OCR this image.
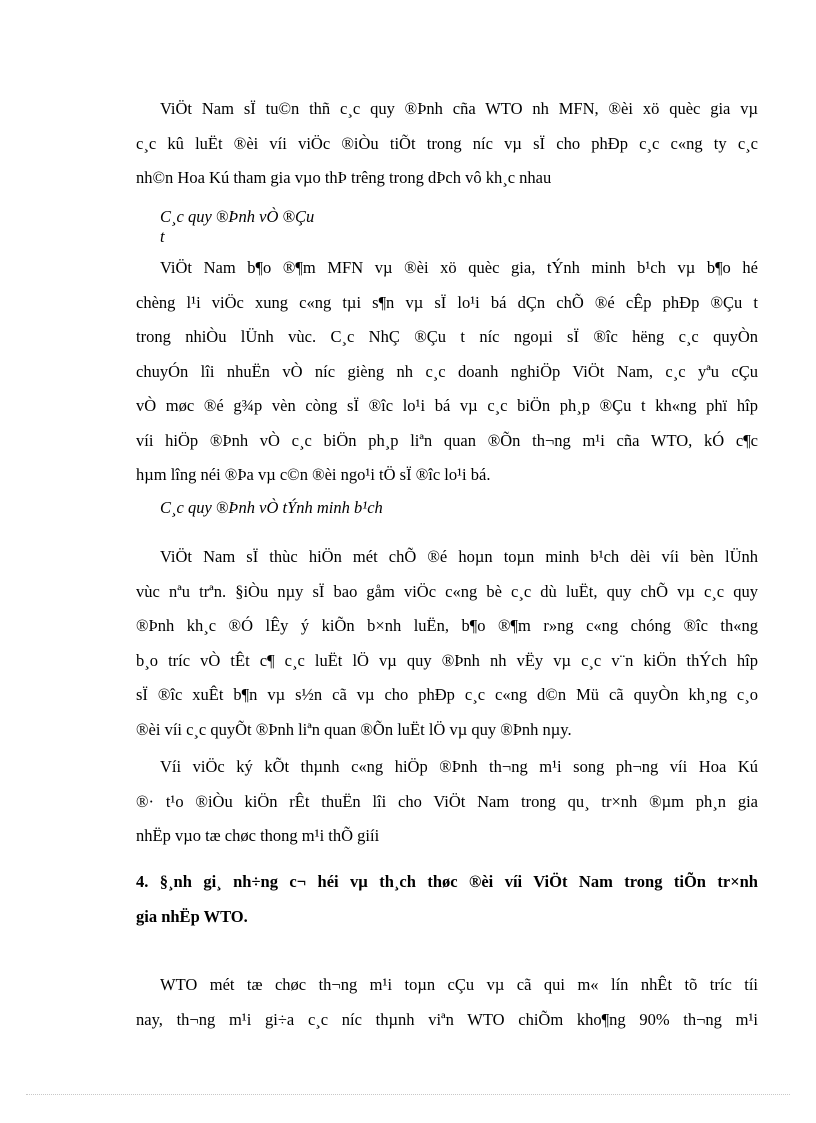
ViÖt Nam sÏ tu©n thñ c¸c quy ®Þnh cña WTO nh MFN, ®èi xö quèc gia vµ
c¸c kû luËt ®èi víi viÖc ®iÒu tiÕt trong níc vµ sÏ cho phÐp c¸c c«ng ty c¸c
nh©n Hoa Kú tham gia vµo thÞ trêng trong dÞch vô kh¸c nhau

C¸c quy ®Þnh vÒ ®Çu t

ViÖt Nam b¶o ®¶m MFN vµ ®èi xö quèc gia, tÝnh minh b¹ch vµ b¶o hé
chèng l¹i viÖc xung c«ng tµi s¶n vµ sÏ lo¹i bá dÇn chÕ ®é cÊp phÐp ®Çu t
trong nhiÒu lÜnh vùc. C¸c NhÇ ®Çu t níc ngoµi sÏ ®îc hëng c¸c quyÒn
chuyÓn lîi nhuËn vÒ níc gièng nh c¸c doanh nghiÖp ViÖt Nam, c¸c yªu cÇu
vÒ møc ®é g¾p vèn còng sÏ ®îc lo¹i bá vµ c¸c biÖn ph¸p ®Çu t kh«ng phï hîp
víi hiÖp ®Þnh vÒ c¸c biÖn ph¸p liªn quan ®Õn th¬ng m¹i cña WTO, kÓ c¶c
hµm lîng néi ®Þa vµ c©n ®èi ngo¹i tÖ sÏ ®îc lo¹i bá.

C¸c quy ®Þnh vÒ tÝnh minh b¹ch

ViÖt Nam sÏ thùc hiÖn mét chÕ ®é hoµn toµn minh b¹ch dèi víi bèn lÜnh
vùc nªu trªn. §iÒu nµy sÏ bao gåm viÖc c«ng bè c¸c dù luËt, quy chÕ vµ c¸c quy
®Þnh kh¸c ®Ó lÊy ý kiÕn b×nh luËn, b¶o ®¶m r»ng c«ng chóng ®îc th«ng
b¸o tríc vÒ tÊt c¶ c¸c luËt lÖ vµ quy ®Þnh nh vËy vµ c¸c v¨n kiÖn thÝch hîp
sÏ ®îc xuÊt b¶n vµ s½n cã vµ cho phÐp c¸c c«ng d©n Mü cã quyÒn kh¸ng c¸o
®èi víi c¸c quyÕt ®Þnh liªn quan ®Õn luËt lÖ vµ quy ®Þnh nµy.

Víi viÖc ký kÕt thµnh c«ng hiÖp ®Þnh th¬ng m¹i song ph¬ng víi Hoa Kú
®· t¹o ®iÒu kiÖn rÊt thuËn lîi cho ViÖt Nam trong qu¸ tr×nh ®µm ph¸n gia
nhËp vµo tæ chøc thong m¹i thÕ giíi

4. §¸nh gi¸ nh÷ng c¬ héi vµ th¸ch thøc ®èi víi ViÖt Nam trong tiÕn tr×nh
gia nhËp WTO.

WTO mét tæ chøc th¬ng m¹i toµn cÇu vµ cã qui m« lín nhÊt tõ tríc tíi
nay, th¬ng m¹i gi÷a c¸c níc thµnh viªn WTO chiÕm kho¶ng 90% th¬ng m¹i
